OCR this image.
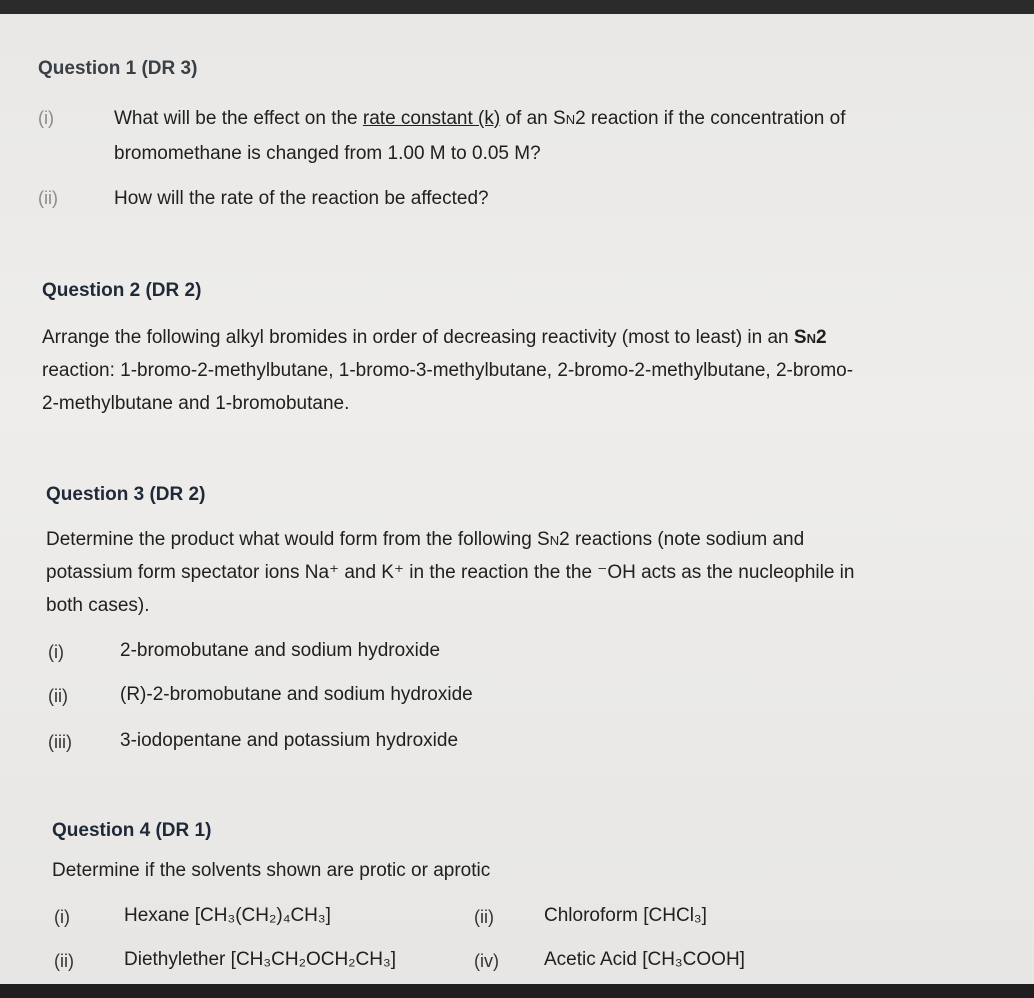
Question 1 (DR 3)
(i)	What will be the effect on the rate constant (k) of an SN2 reaction if the concentration of
bromomethane is changed from 1.00 M to 0.05 M?
(ii)	How will the rate of the reaction be affected?
Question 2 (DR 2)
Arrange the following alkyl bromides in order of decreasing reactivity (most to least) in an SN2
reaction: 1-bromo-2-methylbutane, 1-bromo-3-methylbutane, 2-bromo-2-methylbutane, 2-bromo-
2-methylbutane and 1-bromobutane.
Question 3 (DR 2)
Determine the product what would form from the following SN2 reactions (note sodium and
potassium form spectator ions Na⁺ and K⁺ in the reaction the the ⁻OH acts as the nucleophile in
both cases).
(i)	2-bromobutane and sodium hydroxide
(ii)	(R)-2-bromobutane and sodium hydroxide
(iii)	3-iodopentane and potassium hydroxide
Question 4 (DR 1)
Determine if the solvents shown are protic or aprotic
(i)	Hexane [CH₃(CH₂)₄CH₃]	(ii)	Chloroform [CHCl₃]
(ii)	Diethylether [CH₃CH₂OCH₂CH₃]	(iv) Acetic Acid [CH₃COOH]
